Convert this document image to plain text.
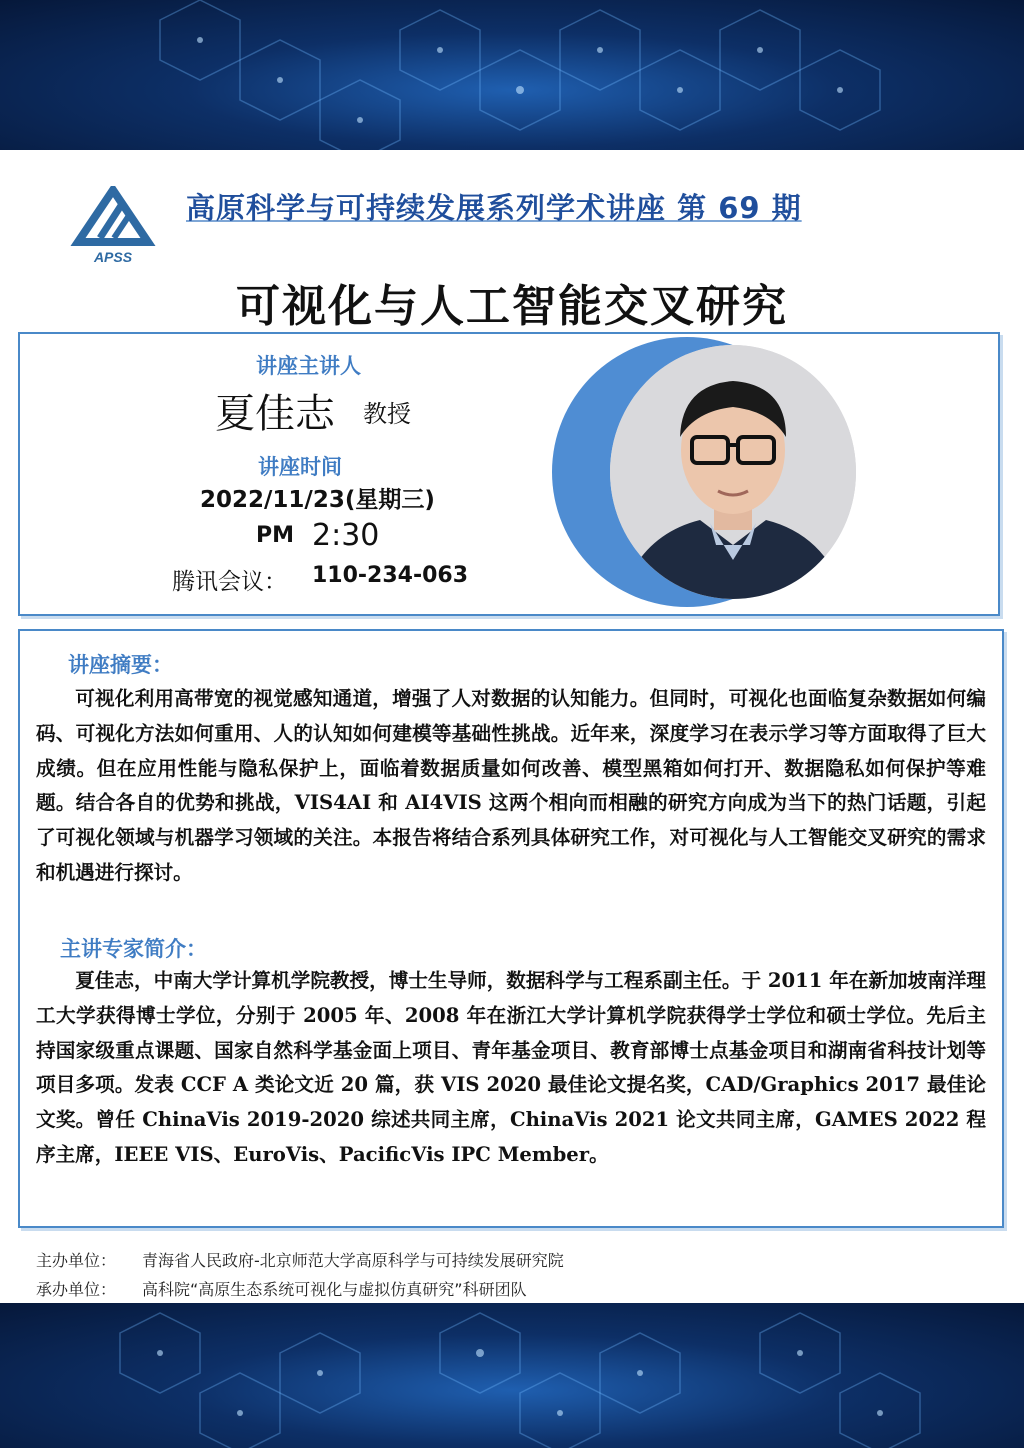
APSS
高原科学与可持续发展系列学术讲座 第 69 期
可视化与人工智能交叉研究
讲座主讲人
夏佳志 教授
讲座时间
2022/11/23(星期三)
PM 2:30
腾讯会议： 110-234-063
讲座摘要：

可视化利用高带宽的视觉感知通道，增强了人对数据的认知能力。但同时，可视化也面临复杂数据如何编码、可视化方法如何重用、人的认知如何建模等基础性挑战。近年来，深度学习在表示学习等方面取得了巨大成绩。但在应用性能与隐私保护上，面临着数据质量如何改善、模型黑箱如何打开、数据隐私如何保护等难题。结合各自的优势和挑战，VIS4AI 和 AI4VIS 这两个相向而相融的研究方向成为当下的热门话题，引起了可视化领域与机器学习领域的关注。本报告将结合系列具体研究工作，对可视化与人工智能交叉研究的需求和机遇进行探讨。

主讲专家简介：

夏佳志，中南大学计算机学院教授，博士生导师，数据科学与工程系副主任。于 2011 年在新加坡南洋理工大学获得博士学位，分别于 2005 年、2008 年在浙江大学计算机学院获得学士学位和硕士学位。先后主持国家级重点课题、国家自然科学基金面上项目、青年基金项目、教育部博士点基金项目和湖南省科技计划等项目多项。发表 CCF A 类论文近 20 篇，获 VIS 2020 最佳论文提名奖，CAD/Graphics 2017 最佳论文奖。曾任 ChinaVis 2019-2020 综述共同主席，ChinaVis 2021 论文共同主席，GAMES 2022 程序主席，IEEE VIS、EuroVis、PacificVis IPC Member。

主办单位： 青海省人民政府-北京师范大学高原科学与可持续发展研究院
承办单位： 高科院“高原生态系统可视化与虚拟仿真研究”科研团队
